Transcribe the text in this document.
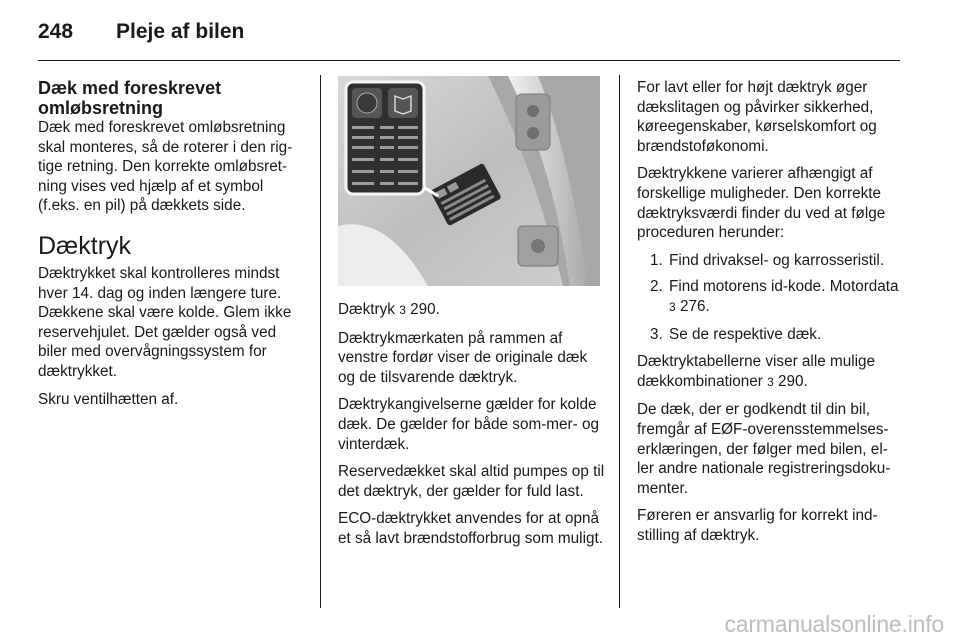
248 Pleje af bilen
Dæk med foreskrevet omløbsretning

Dæk med foreskrevet omløbsretning skal monteres, så de roterer i den rig-tige retning. Den korrekte omløbsret-ning vises ved hjælp af et symbol (f.eks. en pil) på dækkets side.

Dæktryk

Dæktrykket skal kontrolleres mindst hver 14. dag og inden længere ture. Dækkene skal være kolde. Glem ikke reservehjulet. Det gælder også ved biler med overvågningssystem for dæktrykket.

Skru ventilhætten af.

Dæktryk 3 290.

Dæktrykmærkaten på rammen af venstre fordør viser de originale dæk og de tilsvarende dæktryk.

Dæktrykangivelserne gælder for kolde dæk. De gælder for både som-mer- og vinterdæk.

Reservedækket skal altid pumpes op til det dæktryk, der gælder for fuld last.

ECO-dæktrykket anvendes for at opnå et så lavt brændstofforbrug som muligt.

For lavt eller for højt dæktryk øger dækslitagen og påvirker sikkerhed, køreegenskaber, kørselskomfort og brændstoføkonomi.

Dæktrykkene varierer afhængigt af forskellige muligheder. Den korrekte dæktryksværdi finder du ved at følge proceduren herunder:

1. Find drivaksel- og karrosseristil.
2. Find motorens id-kode. Motordata
3 276.
3. Se de respektive dæk.

Dæktryktabellerne viser alle mulige dækkombinationer 3 290.

De dæk, der er godkendt til din bil, fremgår af EØF-overensstemmelses-erklæringen, der følger med bilen, el-ler andre nationale registreringsdoku-menter.

Føreren er ansvarlig for korrekt ind-stilling af dæktryk.

carmanualsonline.info
